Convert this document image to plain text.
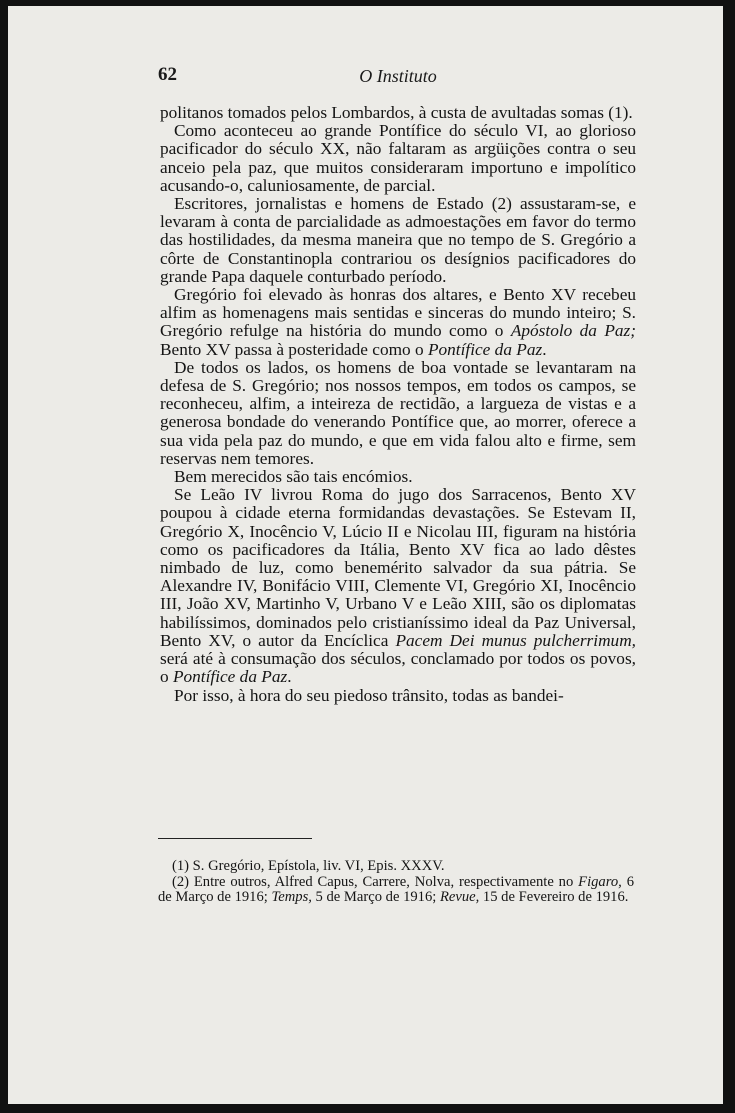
62	O Instituto

politanos tomados pelos Lombardos, à custa de avultadas somas (1).

Como aconteceu ao grande Pontífice do século VI, ao glorioso pacificador do século XX, não faltaram as argüições contra o seu anceio pela paz, que muitos consideraram importuno e impolítico acusando-o, caluniosamente, de parcial.

Escritores, jornalistas e homens de Estado (2) assustaram-se, e levaram à conta de parcialidade as admoestações em favor do termo das hostilidades, da mesma maneira que no tempo de S. Gregório a côrte de Constantinopla contrariou os desígnios pacificadores do grande Papa daquele conturbado período.

Gregório foi elevado às honras dos altares, e Bento XV recebeu alfim as homenagens mais sentidas e sinceras do mundo inteiro; S. Gregório refulge na história do mundo como o Apóstolo da Paz; Bento XV passa à posteridade como o Pontífice da Paz.

De todos os lados, os homens de boa vontade se levantaram na defesa de S. Gregório; nos nossos tempos, em todos os campos, se reconheceu, alfim, a inteireza de rectidão, a largueza de vistas e a generosa bondade do venerando Pontífice que, ao morrer, oferece a sua vida pela paz do mundo, e que em vida falou alto e firme, sem reservas nem temores.

Bem merecidos são tais encómios.

Se Leão IV livrou Roma do jugo dos Sarracenos, Bento XV poupou à cidade eterna formidandas devastações. Se Estevam II, Gregório X, Inocêncio V, Lúcio II e Nicolau III, figuram na história como os pacificadores da Itália, Bento XV fica ao lado dêstes nimbado de luz, como benemérito salvador da sua pátria. Se Alexandre IV, Bonifácio VIII, Clemente VI, Gregório XI, Inocêncio III, João XV, Martinho V, Urbano V e Leão XIII, são os diplomatas habilíssimos, dominados pelo cristianíssimo ideal da Paz Universal, Bento XV, o autor da Encíclica Pacem Dei munus pulcherrimum, será até à consumação dos séculos, conclamado por todos os povos, o Pontífice da Paz.

Por isso, à hora do seu piedoso trânsito, todas as bandei-

(1) S. Gregório, Epístola, liv. VI, Epis. XXXV.

(2) Entre outros, Alfred Capus, Carrere, Nolva, respectivamente no Figaro, 6 de Março de 1916; Temps, 5 de Março de 1916; Revue, 15 de Fevereiro de 1916.
